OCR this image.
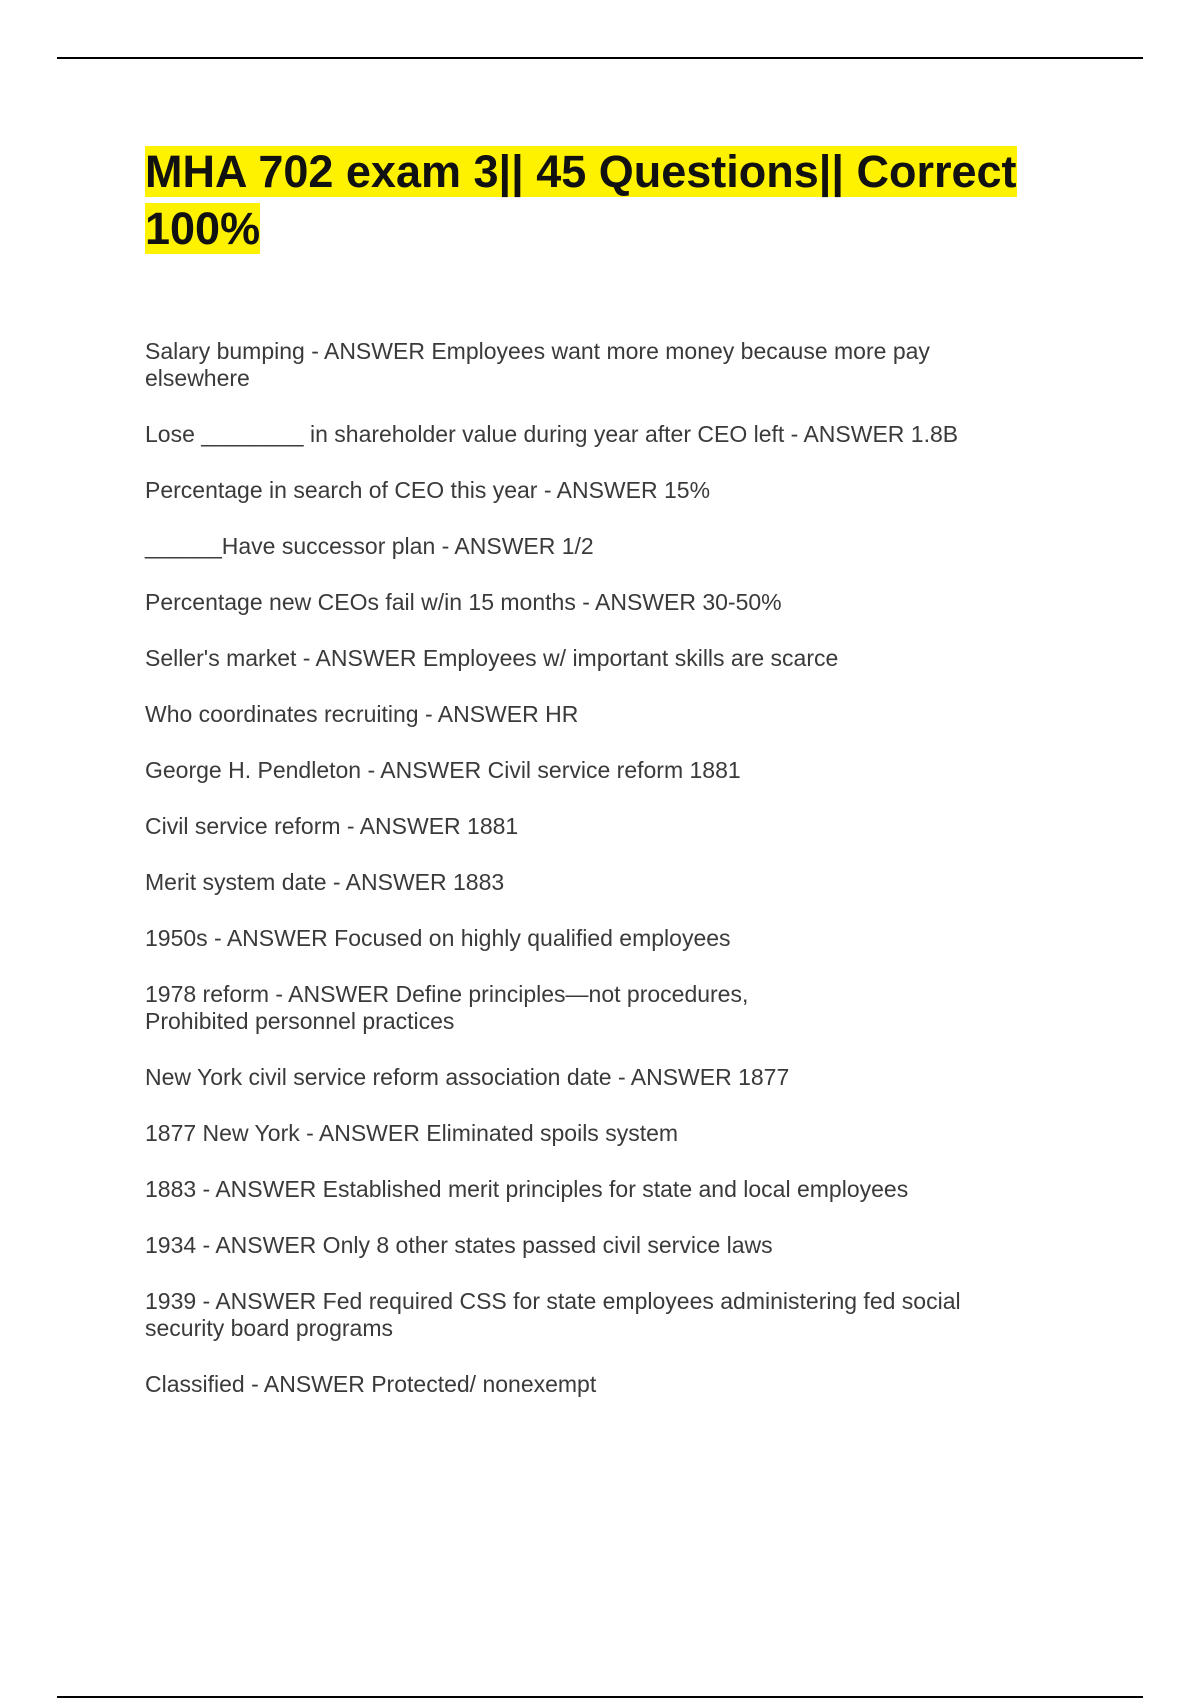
MHA 702 exam 3|| 45 Questions|| Correct 100%
Salary bumping - ANSWER Employees want more money because more pay
elsewhere
Lose ________ in shareholder value during year after CEO left - ANSWER 1.8B
Percentage in search of CEO this year - ANSWER 15%
______Have successor plan - ANSWER 1/2
Percentage new CEOs fail w/in 15 months - ANSWER 30-50%
Seller's market - ANSWER Employees w/ important skills are scarce
Who coordinates recruiting - ANSWER HR
George H. Pendleton - ANSWER Civil service reform 1881
Civil service reform - ANSWER 1881
Merit system date - ANSWER 1883
1950s - ANSWER Focused on highly qualified employees
1978 reform - ANSWER Define principles—not procedures,
Prohibited personnel practices
New York civil service reform association date - ANSWER 1877
1877 New York - ANSWER Eliminated spoils system
1883 - ANSWER Established merit principles for state and local employees
1934 - ANSWER Only 8 other states passed civil service laws
1939 - ANSWER Fed required CSS for state employees administering fed social
security board programs
Classified - ANSWER Protected/ nonexempt
